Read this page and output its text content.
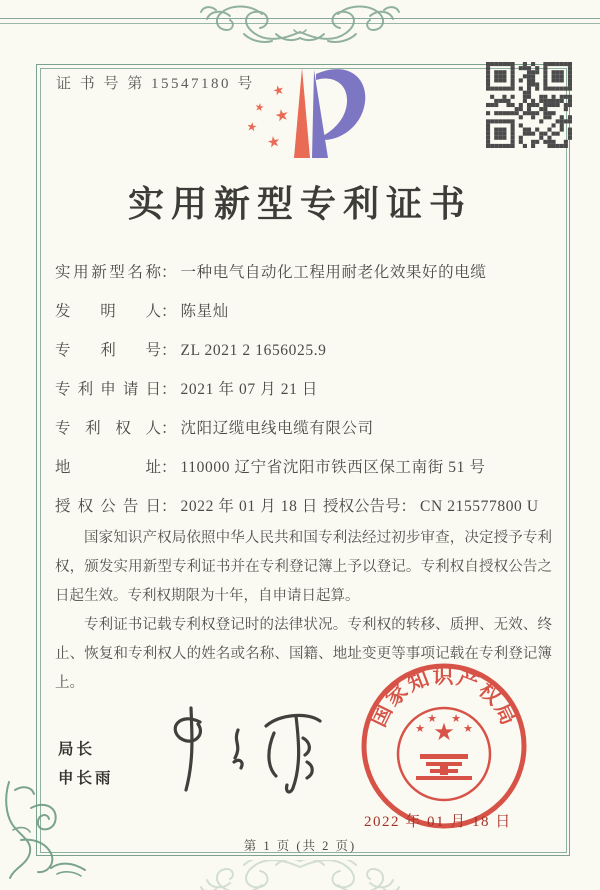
证 书 号 第 15547180 号 ★
★ ★
★
★
实用新型专利证书
实用新型名称： 一种电气自动化工程用耐老化效果好的电缆
发明人： 陈星灿
专利号： ZL 2021 2 1656025.9
专利申请日： 2021 年 07 月 21 日
专利权人： 沈阳辽缆电线电缆有限公司
地址： 110000 辽宁省沈阳市铁西区保工南街 51 号
授权公告日： 2022 年 01 月 18 日 授权公告号： CN 215577800 U

国家知识产权局依照中华人民共和国专利法经过初步审查，决定授予专利权，颁发实用新型专利证书并在专利登记簿上予以登记。专利权自授权公告之日起生效。专利权期限为十年，自申请日起算。

专利证书记载专利权登记时的法律状况。专利权的转移、质押、无效、终止、恢复和专利权人的姓名或名称、国籍、地址变更等事项记载在专利登记簿上。

局长
申长雨
国家知识产权局
★
★
★ ★
★
2022 年 01 月 18 日
第 1 页 (共 2 页)
